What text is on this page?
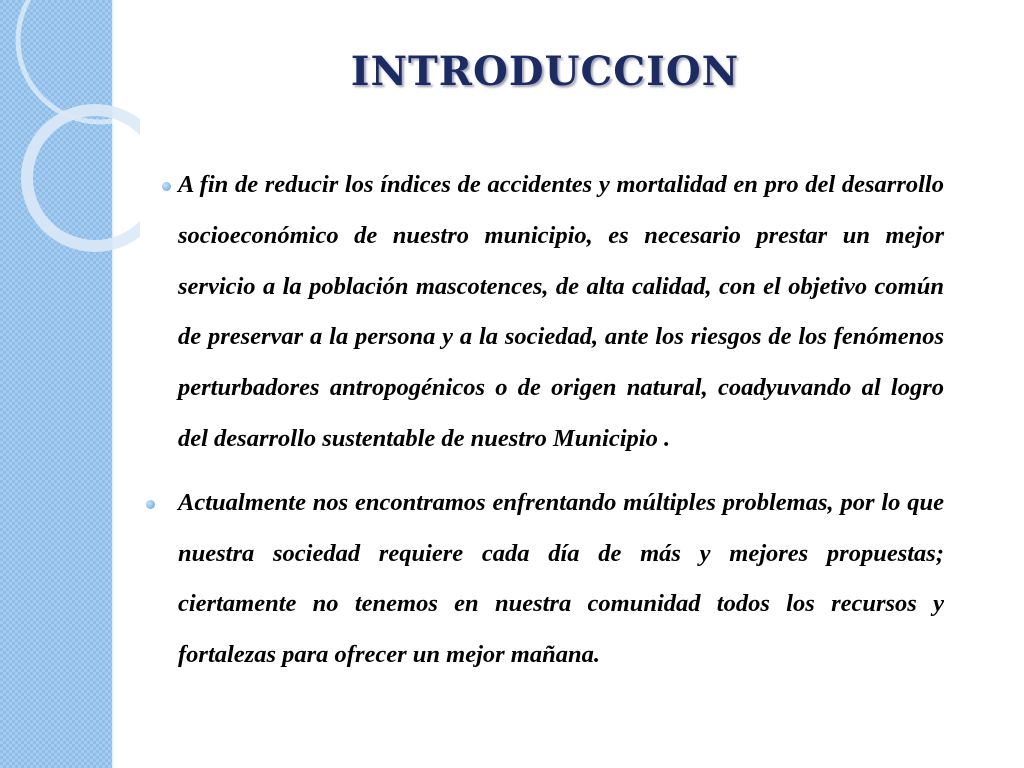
INTRODUCCION
A fin de reducir los índices de accidentes y mortalidad en pro del desarrollo socioeconómico de nuestro municipio, es necesario prestar un mejor servicio a la población mascotences, de alta calidad, con el objetivo común de preservar a la persona y a la sociedad, ante los riesgos de los fenómenos perturbadores antropogénicos o de origen natural, coadyuvando al logro del desarrollo sustentable de nuestro Municipio .
Actualmente nos encontramos enfrentando múltiples problemas, por lo que nuestra sociedad requiere cada día de más y mejores propuestas; ciertamente no tenemos en nuestra comunidad todos los recursos y fortalezas para ofrecer un mejor mañana.
